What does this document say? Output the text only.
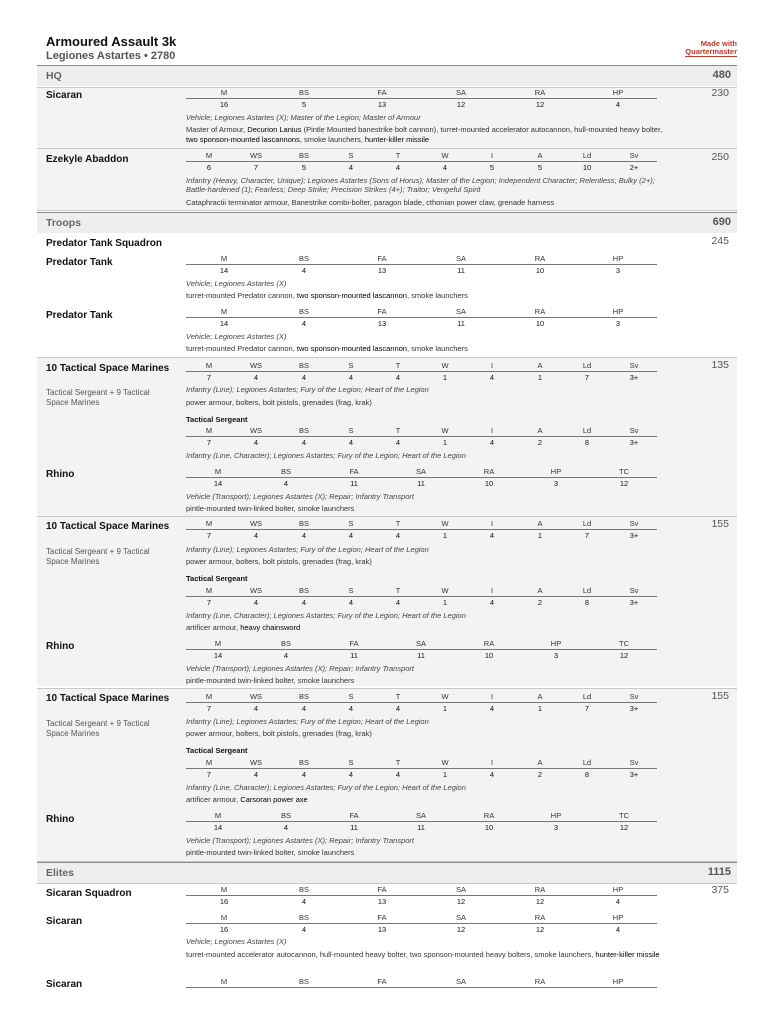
Armoured Assault 3k
Legiones Astartes • 2780
Made with
Quartermaster
HQ	480
Troops	690
Elites	1115
Sicaran	230
M	BS	FA	SA	RA	HP
16	5	13	12	12	4
Vehicle; Legiones Astartes (X); Master of the Legion; Master of Armour
Master of Armour, Decurion Lanius (Pintle Mounted banestrike bolt cannon), turret-mounted accelerator autocannon, hull-mounted heavy bolter, two sponson-mounted lascannons, smoke launchers, hunter-killer missile
Ezekyle Abaddon	250
M	WS	BS	S	T	W	I	A	Ld	Sv
6	7	5	4	4	4	5	5	10	2+
Infantry (Heavy, Character, Unique); Legiones Astartes (Sons of Horus); Master of the Legion; Independent Character; Relentless; Bulky (2+); Battle-hardened (1); Fearless; Deep Strike; Precision Strikes (4+); Traitor; Vengeful Spirit
Cataphractii terminator armour, Banestrike combi-bolter, paragon blade, cthonian power claw, grenade harness
Predator Tank Squadron	245
Predator Tank	M	BS	FA	SA	RA	HP
14	4	13	11	10	3
Vehicle; Legiones Astartes (X)
turret-mounted Predator cannon, two sponson-mounted lascannon, smoke launchers
Predator Tank	M	BS	FA	SA	RA	HP
14	4	13	11	10	3
Vehicle; Legiones Astartes (X)
turret-mounted Predator cannon, two sponson-mounted lascannon, smoke launchers
10 Tactical Space Marines	135
Tactical Sergeant + 9 Tactical Space Marines
M	WS	BS	S	T	W	I	A	Ld	Sv
7	4	4	4	4	1	4	1	7	3+
Infantry (Line); Legiones Astartes; Fury of the Legion; Heart of the Legion
power armour, bolters, bolt pistols, grenades (frag, krak)
Tactical Sergeant
M	WS	BS	S	T	W	I	A	Ld	Sv
7	4	4	4	4	1	4	2	8	3+
Infantry (Line, Character); Legiones Astartes; Fury of the Legion; Heart of the Legion
Rhino	M	BS	FA	SA	RA	HP	TC
14	4	11	11	10	3	12
Vehicle (Transport); Legiones Astartes (X); Repair; Infantry Transport
pintle-mounted twin-linked bolter, smoke launchers
10 Tactical Space Marines	155
Tactical Sergeant + 9 Tactical Space Marines
M	WS	BS	S	T	W	I	A	Ld	Sv
7	4	4	4	4	1	4	1	7	3+
Infantry (Line); Legiones Astartes; Fury of the Legion; Heart of the Legion
power armour, bolters, bolt pistols, grenades (frag, krak)
Tactical Sergeant
M	WS	BS	S	T	W	I	A	Ld	Sv
7	4	4	4	4	1	4	2	8	3+
Infantry (Line, Character); Legiones Astartes; Fury of the Legion; Heart of the Legion
artificer armour, heavy chainsword
Rhino	M	BS	FA	SA	RA	HP	TC
14	4	11	11	10	3	12
Vehicle (Transport); Legiones Astartes (X); Repair; Infantry Transport
pintle-mounted twin-linked bolter, smoke launchers
10 Tactical Space Marines	155
Tactical Sergeant + 9 Tactical Space Marines
M	WS	BS	S	T	W	I	A	Ld	Sv
7	4	4	4	4	1	4	1	7	3+
Infantry (Line); Legiones Astartes; Fury of the Legion; Heart of the Legion
power armour, bolters, bolt pistols, grenades (frag, krak)
Tactical Sergeant
M	WS	BS	S	T	W	I	A	Ld	Sv
7	4	4	4	4	1	4	2	8	3+
Infantry (Line, Character); Legiones Astartes; Fury of the Legion; Heart of the Legion
artificer armour, Carsoran power axe
Rhino	M	BS	FA	SA	RA	HP	TC
14	4	11	11	10	3	12
Vehicle (Transport); Legiones Astartes (X); Repair; Infantry Transport
pintle-mounted twin-linked bolter, smoke launchers
Sicaran Squadron	375
M	BS	FA	SA	RA	HP
16	4	13	12	12	4
Sicaran	M	BS	FA	SA	RA	HP
16	4	13	12	12	4
Vehicle; Legiones Astartes (X)
turret-mounted accelerator autocannon, hull-mounted heavy bolter, two sponson-mounted heavy bolters, smoke launchers, hunter-killer missile
Sicaran	M	BS	FA	SA	RA	HP
